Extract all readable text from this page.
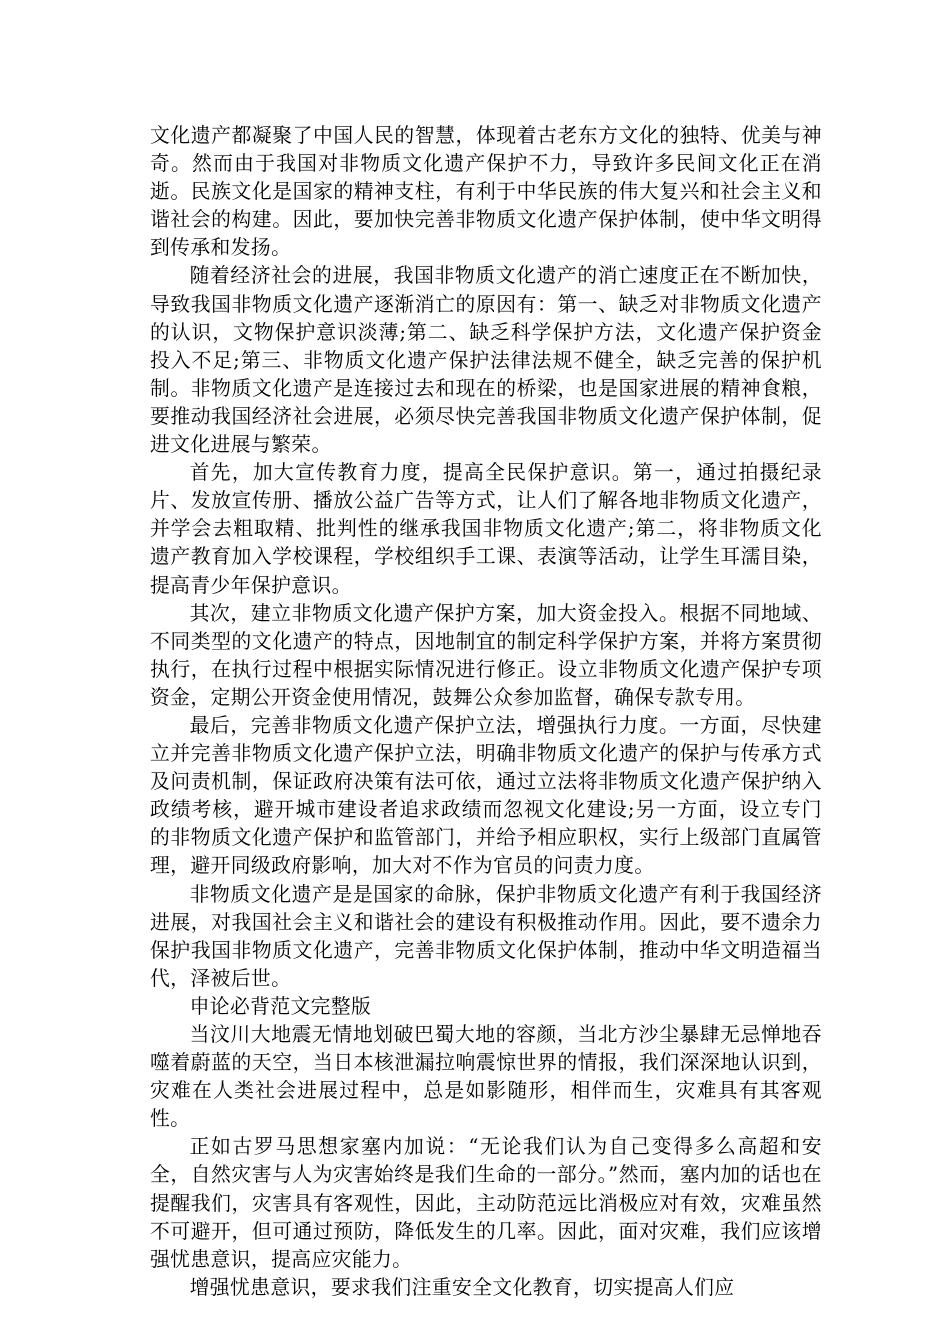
文化遗产都凝聚了中国人民的智慧，体现着古老东方文化的独特、优美与神奇。然而由于我国对非物质文化遗产保护不力，导致许多民间文化正在消逝。民族文化是国家的精神支柱，有利于中华民族的伟大复兴和社会主义和谐社会的构建。因此，要加快完善非物质文化遗产保护体制，使中华文明得到传承和发扬。

随着经济社会的进展，我国非物质文化遗产的消亡速度正在不断加快，导致我国非物质文化遗产逐渐消亡的原因有：第一、缺乏对非物质文化遗产的认识，文物保护意识淡薄;第二、缺乏科学保护方法，文化遗产保护资金投入不足;第三、非物质文化遗产保护法律法规不健全，缺乏完善的保护机制。非物质文化遗产是连接过去和现在的桥梁，也是国家进展的精神食粮，要推动我国经济社会进展，必须尽快完善我国非物质文化遗产保护体制，促进文化进展与繁荣。

首先，加大宣传教育力度，提高全民保护意识。第一，通过拍摄纪录片、发放宣传册、播放公益广告等方式，让人们了解各地非物质文化遗产，并学会去粗取精、批判性的继承我国非物质文化遗产;第二，将非物质文化遗产教育加入学校课程，学校组织手工课、表演等活动，让学生耳濡目染，提高青少年保护意识。

其次，建立非物质文化遗产保护方案，加大资金投入。根据不同地域、不同类型的文化遗产的特点，因地制宜的制定科学保护方案，并将方案贯彻执行，在执行过程中根据实际情况进行修正。设立非物质文化遗产保护专项资金，定期公开资金使用情况，鼓舞公众参加监督，确保专款专用。

最后，完善非物质文化遗产保护立法，增强执行力度。一方面，尽快建立并完善非物质文化遗产保护立法，明确非物质文化遗产的保护与传承方式及问责机制，保证政府决策有法可依，通过立法将非物质文化遗产保护纳入政绩考核，避开城市建设者追求政绩而忽视文化建设;另一方面，设立专门的非物质文化遗产保护和监管部门，并给予相应职权，实行上级部门直属管理，避开同级政府影响，加大对不作为官员的问责力度。

非物质文化遗产是是国家的命脉，保护非物质文化遗产有利于我国经济进展，对我国社会主义和谐社会的建设有积极推动作用。因此，要不遗余力保护我国非物质文化遗产，完善非物质文化保护体制，推动中华文明造福当代，泽被后世。

申论必背范文完整版

当汶川大地震无情地划破巴蜀大地的容颜，当北方沙尘暴肆无忌惮地吞噬着蔚蓝的天空，当日本核泄漏拉响震惊世界的情报，我们深深地认识到，灾难在人类社会进展过程中，总是如影随形，相伴而生，灾难具有其客观性。

正如古罗马思想家塞内加说：“无论我们认为自己变得多么高超和安全，自然灾害与人为灾害始终是我们生命的一部分。”然而，塞内加的话也在提醒我们，灾害具有客观性，因此，主动防范远比消极应对有效，灾难虽然不可避开，但可通过预防，降低发生的几率。因此，面对灾难，我们应该增强忧患意识，提高应灾能力。

增强忧患意识，要求我们注重安全文化教育，切实提高人们应
